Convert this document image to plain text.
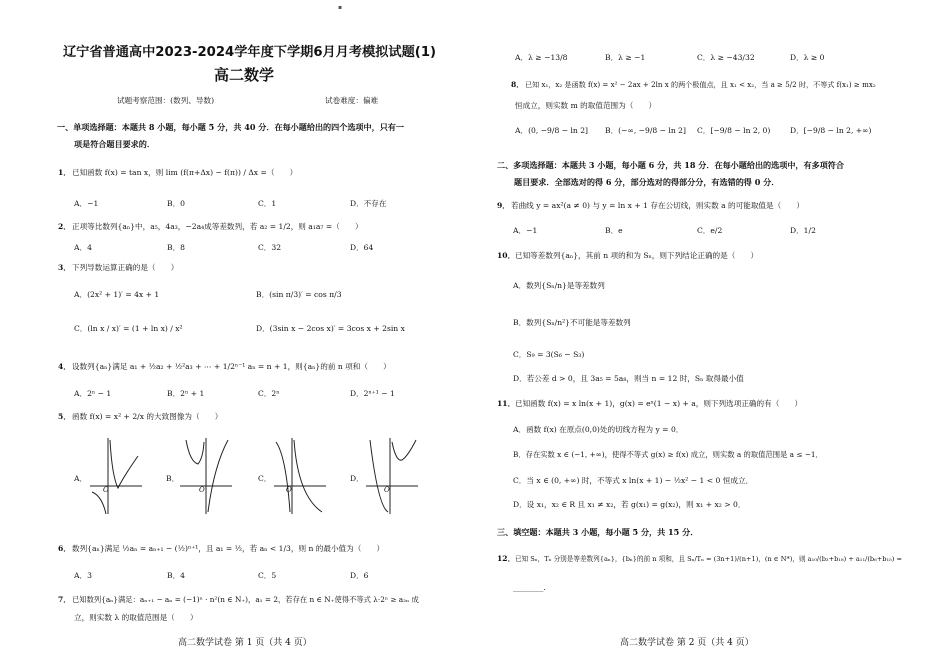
▪
辽宁省普通高中2023-2024学年度下学期6月月考模拟试题(1)
高二数学
试题考察范围：(数列、导数)	试卷难度：偏难
一、单项选择题：本题共 8 小题，每小题 5 分，共 40 分．在每小题给出的四个选项中，只有一
项是符合题目要求的．
1． 已知函数 f(x) = tan x，则 lim (f(π+Δx) − f(π)) / Δx =（　　）
A．−1	B．0	C．1	D．不存在
2． 正项等比数列{aₙ}中，a₅，4a₃，−2a₄成等差数列，若 a₂ = 1/2，则 a₁a₇ =（　　）
A．4	B．8	C．32	D．64
3． 下列导数运算正确的是（　　）
A．(2x² + 1)′ = 4x + 1	B．(sin π/3)′ = cos π/3
C．(ln x / x)′ = (1 + ln x) / x²	D．(3sin x − 2cos x)′ = 3cos x + 2sin x
4． 设数列{aₙ}满足 a₁ + ½a₂ + ½²a₃ + ⋯ + 1/2ⁿ⁻¹ aₙ = n + 1，则{aₙ}的前 n 项和（　　）
A．2ⁿ − 1	B．2ⁿ + 1	C．2ⁿ	D．2ⁿ⁺¹ − 1
5． 函数 f(x) = x² + 2/x 的大致图像为（　　）
A．	B．	C．	D．
O	O	O	O
6． 数列{aₙ}满足 ½aₙ = aₙ₊₁ − (½)ⁿ⁺¹，且 a₁ = ½，若 aₙ < 1/3，则 n 的最小值为（　　）
A．3	B．4	C．5	D．6
7． 已知数列{aₙ}满足：aₙ₊₁ − aₙ = (−1)ⁿ · n²(n ∈ N₊)，a₁ = 2，若存在 n ∈ N₊使得不等式 λ·2ⁿ ≥ a₂ₙ 成
立，则实数 λ 的取值范围是（　　）
高二数学试卷 第 1 页（共 4 页）
A．λ ≥ −13/8	B．λ ≥ −1	C．λ ≥ −43/32	D．λ ≥ 0
8． 已知 x₁，x₂ 是函数 f(x) = x² − 2ax + 2ln x 的两个极值点，且 x₁ < x₂，当 a ≥ 5/2 时，不等式 f(x₁) ≥ mx₂
恒成立，则实数 m 的取值范围为（　　）
A．(0, −9/8 − ln 2] B．(−∞, −9/8 − ln 2] C．[−9/8 − ln 2, 0)	D．[−9/8 − ln 2, +∞)
二、多项选择题：本题共 3 小题，每小题 6 分，共 18 分．在每小题给出的选项中，有多项符合
题目要求．全部选对的得 6 分，部分选对的得部分分，有选错的得 0 分．
9． 若曲线 y = ax²(a ≠ 0) 与 y = ln x + 1 存在公切线，则实数 a 的可能取值是（　　）
A．−1	B．e	C．e/2	D．1/2
10． 已知等差数列{aₙ}，其前 n 项的和为 Sₙ，则下列结论正确的是（　　）
A．数列{Sₙ/n}是等差数列
B．数列{Sₙ/n²}不可能是等差数列
C．S₉ = 3(S₆ − S₃)
D．若公差 d > 0，且 3a₅ = 5a₈，则当 n = 12 时，Sₙ 取得最小值
11． 已知函数 f(x) = x ln(x + 1)，g(x) = eˣ(1 − x) + a，则下列选项正确的有（　　）
A．函数 f(x) 在原点(0,0)处的切线方程为 y = 0．
B．存在实数 x ∈ (−1, +∞)，使得不等式 g(x) ≥ f(x) 成立，则实数 a 的取值范围是 a ≤ −1．
C．当 x ∈ (0, +∞) 时，不等式 x ln(x + 1) − ½x² − 1 < 0 恒成立．
D．设 x₁，x₂ ∈ R 且 x₁ ≠ x₂，若 g(x₁) = g(x₂)，则 x₁ + x₂ > 0．
三、填空题：本题共 3 小题，每小题 5 分，共 15 分．
12． 已知 Sₙ，Tₙ 分别是等差数列{aₙ}，{bₙ}的前 n 项和，且 Sₙ/Tₙ = (3n+1)/(n+1)，(n ∈ N*)，则 a₁₀/(b₃+b₁₈) + a₁₁/(b₆+b₁₅) =
________.
高二数学试卷 第 2 页（共 4 页）
